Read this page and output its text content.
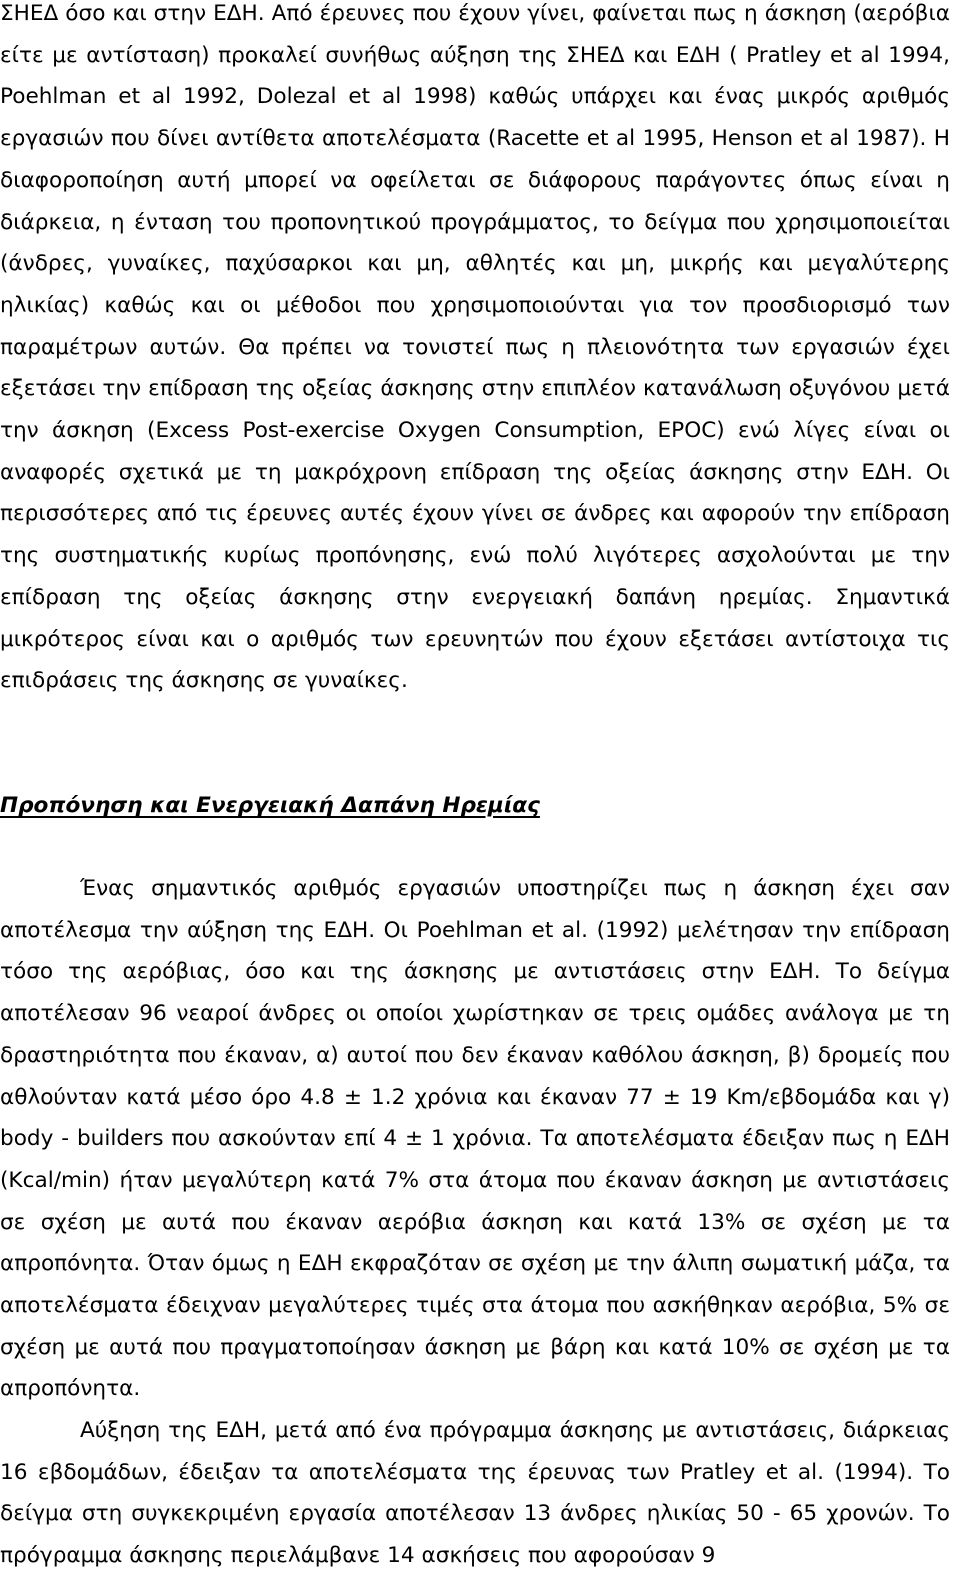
ΣΗΕΔ όσο και στην ΕΔΗ. Από έρευνες που έχουν γίνει, φαίνεται πως η άσκηση (αερόβια είτε με αντίσταση) προκαλεί συνήθως αύξηση της ΣΗΕΔ και ΕΔΗ ( Pratley et al 1994, Poehlman et al 1992, Dolezal et al 1998) καθώς υπάρχει και ένας μικρός αριθμός εργασιών που δίνει αντίθετα αποτελέσματα (Racette et al 1995, Henson et al 1987). Η διαφοροποίηση αυτή μπορεί να οφείλεται σε διάφορους παράγοντες όπως είναι η διάρκεια, η ένταση του προπονητικού προγράμματος, το δείγμα που χρησιμοποιείται (άνδρες, γυναίκες, παχύσαρκοι και μη, αθλητές και μη, μικρής και μεγαλύτερης ηλικίας) καθώς και οι μέθοδοι που χρησιμοποιούνται για τον προσδιορισμό των παραμέτρων αυτών. Θα πρέπει να τονιστεί πως η πλειονότητα των εργασιών έχει εξετάσει την επίδραση της οξείας άσκησης στην επιπλέον κατανάλωση οξυγόνου μετά την άσκηση (Excess Post-exercise Oxygen Consumption, EPOC) ενώ λίγες είναι οι αναφορές σχετικά με τη μακρόχρονη επίδραση της οξείας άσκησης στην ΕΔΗ. Οι περισσότερες από τις έρευνες αυτές έχουν γίνει σε άνδρες και αφορούν την επίδραση της συστηματικής κυρίως προπόνησης, ενώ πολύ λιγότερες ασχολούνται με την επίδραση της οξείας άσκησης στην ενεργειακή δαπάνη ηρεμίας. Σημαντικά μικρότερος είναι και ο αριθμός των ερευνητών που έχουν εξετάσει αντίστοιχα τις επιδράσεις της άσκησης σε γυναίκες.

Προπόνηση και Ενεργειακή Δαπάνη Ηρεμίας

Ένας σημαντικός αριθμός εργασιών υποστηρίζει πως η άσκηση έχει σαν αποτέλεσμα την αύξηση της ΕΔΗ. Οι Poehlman et al. (1992) μελέτησαν την επίδραση τόσο της αερόβιας, όσο και της άσκησης με αντιστάσεις στην ΕΔΗ. Το δείγμα αποτέλεσαν 96 νεαροί άνδρες οι οποίοι χωρίστηκαν σε τρεις ομάδες ανάλογα με τη δραστηριότητα που έκαναν, α) αυτοί που δεν έκαναν καθόλου άσκηση, β) δρομείς που αθλούνταν κατά μέσο όρο 4.8 ± 1.2 χρόνια και έκαναν 77 ± 19 Km/εβδομάδα και γ) body - builders που ασκούνταν επί 4 ± 1 χρόνια. Τα αποτελέσματα έδειξαν πως η ΕΔΗ (Kcal/min) ήταν μεγαλύτερη κατά 7% στα άτομα που έκαναν άσκηση με αντιστάσεις σε σχέση με αυτά που έκαναν αερόβια άσκηση και κατά 13% σε σχέση με τα απροπόνητα. Όταν όμως η ΕΔΗ εκφραζόταν σε σχέση με την άλιπη σωματική μάζα, τα αποτελέσματα έδειχναν μεγαλύτερες τιμές στα άτομα που ασκήθηκαν αερόβια, 5% σε σχέση με αυτά που πραγματοποίησαν άσκηση με βάρη και κατά 10% σε σχέση με τα απροπόνητα.

Αύξηση της ΕΔΗ, μετά από ένα πρόγραμμα άσκησης με αντιστάσεις, διάρκειας 16 εβδομάδων, έδειξαν τα αποτελέσματα της έρευνας των Pratley et al. (1994). Το δείγμα στη συγκεκριμένη εργασία αποτέλεσαν 13 άνδρες ηλικίας 50 - 65 χρονών. Το πρόγραμμα άσκησης περιελάμβανε 14 ασκήσεις που αφορούσαν 9
